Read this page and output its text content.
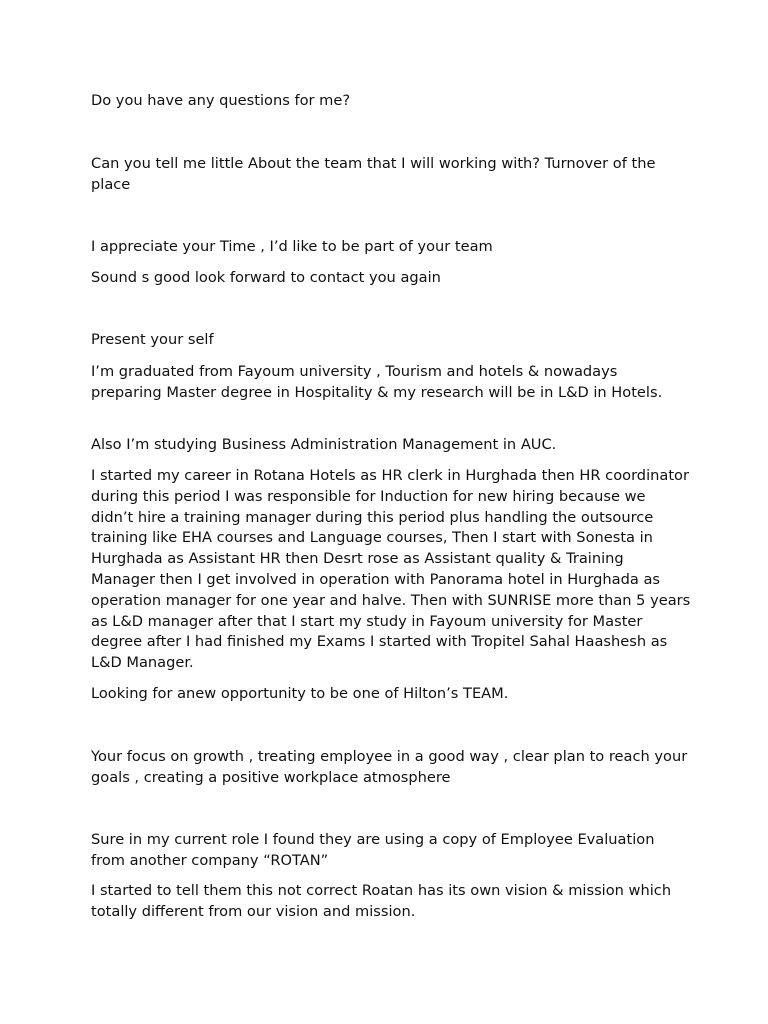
Do you have any questions for me?

Can you tell me little About the team that I will working with? Turnover of the place

I appreciate your Time , I’d like to be part of your team

Sound s good look forward to contact you again

Present your self

I’m graduated from Fayoum university , Tourism and hotels & nowadays preparing Master degree in Hospitality & my research will be in L&D in Hotels.

Also I’m studying Business Administration Management in AUC.

I started my career in Rotana Hotels as HR clerk in Hurghada then HR coordinator during this period I was responsible for Induction for new hiring because we didn’t hire a training manager during this period plus handling the outsource training like EHA courses and Language courses, Then I start with Sonesta in Hurghada as Assistant HR then Desrt rose as Assistant quality & Training Manager then I get involved in operation with Panorama hotel in Hurghada as operation manager for one year and halve. Then with SUNRISE more than 5 years as L&D manager after that I start my study in Fayoum university for Master degree after I had finished my Exams I started with Tropitel Sahal Haashesh as L&D Manager.

Looking for anew opportunity to be one of Hilton’s TEAM.

Your focus on growth , treating employee in a good way , clear plan to reach your goals , creating a positive workplace atmosphere

Sure in my current role I found they are using a copy of Employee Evaluation from another company “ROTAN”

I started to tell them this not correct Roatan has its own vision & mission which totally different from our vision and mission.
